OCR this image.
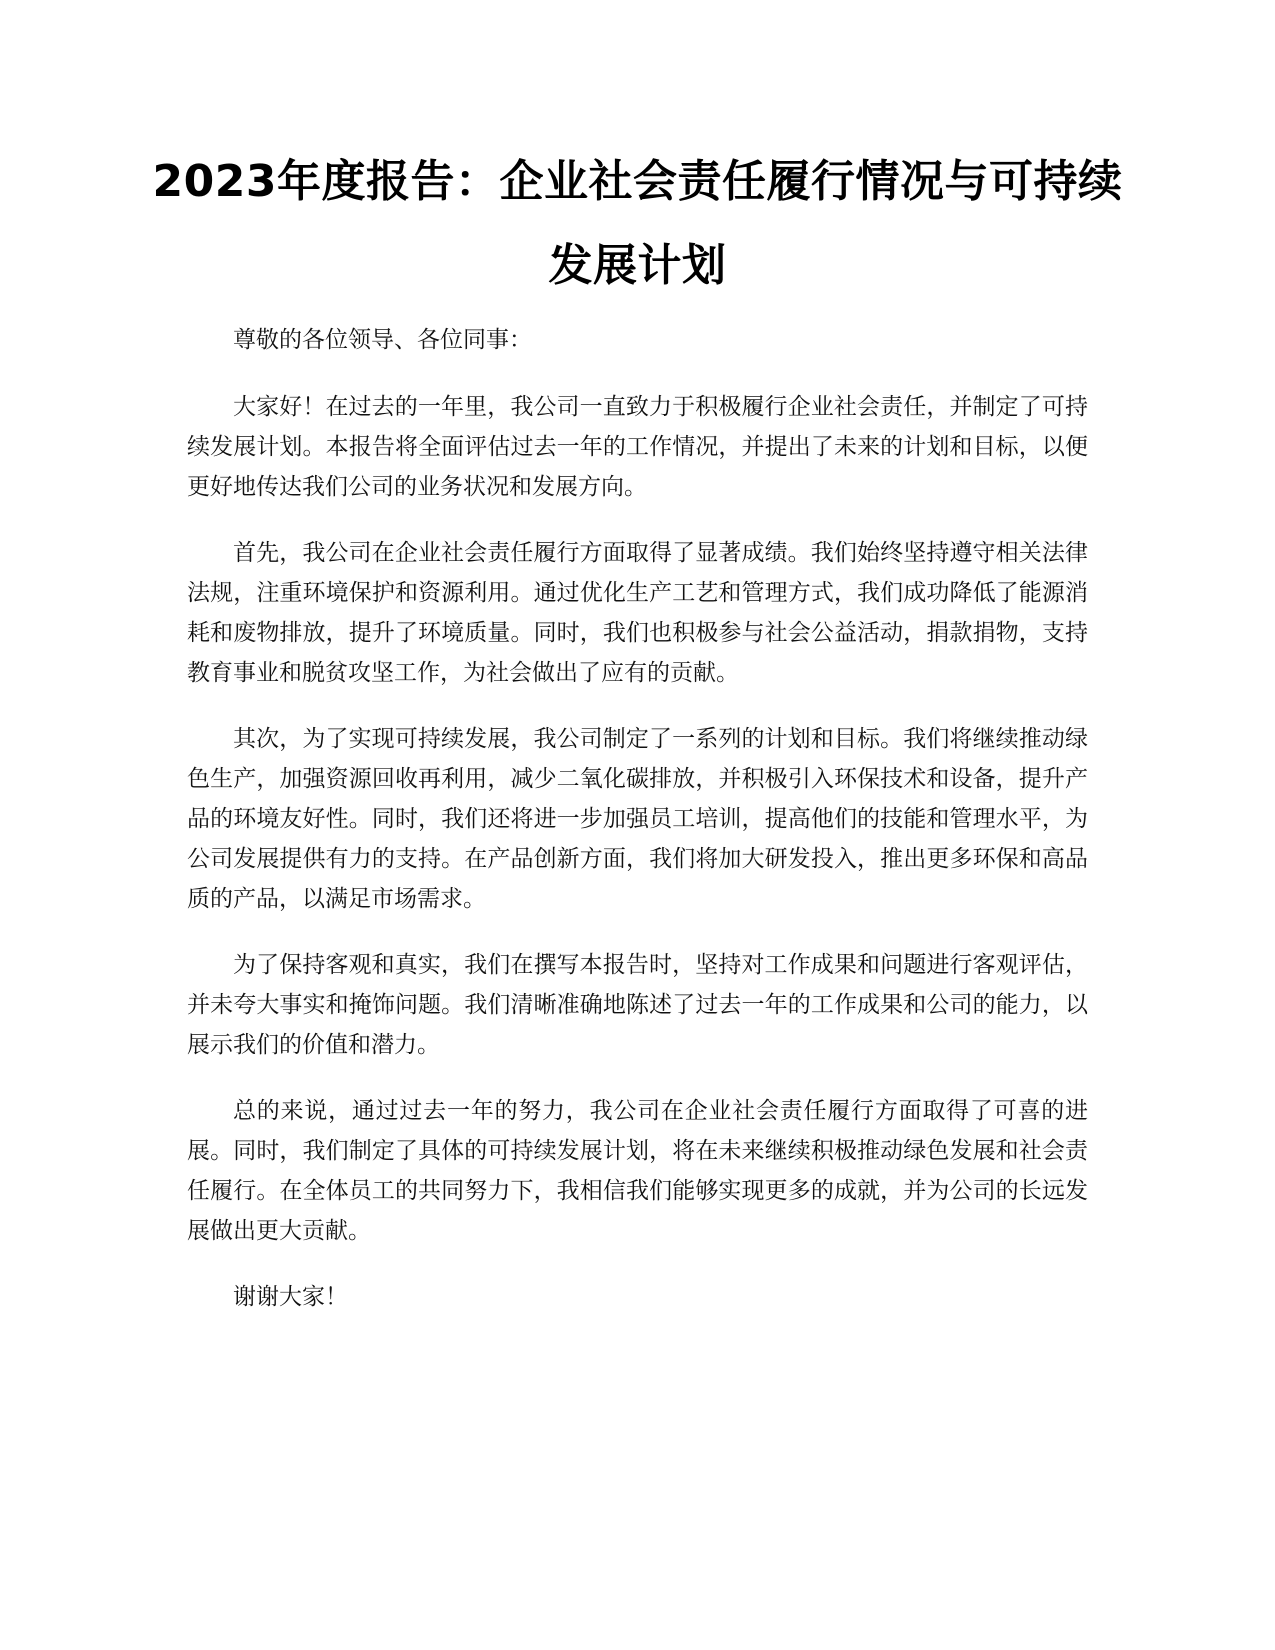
2023年度报告：企业社会责任履行情况与可持续发展计划

尊敬的各位领导、各位同事：

大家好！在过去的一年里，我公司一直致力于积极履行企业社会责任，并制定了可持续发展计划。本报告将全面评估过去一年的工作情况，并提出了未来的计划和目标，以便更好地传达我们公司的业务状况和发展方向。

首先，我公司在企业社会责任履行方面取得了显著成绩。我们始终坚持遵守相关法律法规，注重环境保护和资源利用。通过优化生产工艺和管理方式，我们成功降低了能源消耗和废物排放，提升了环境质量。同时，我们也积极参与社会公益活动，捐款捐物，支持教育事业和脱贫攻坚工作，为社会做出了应有的贡献。

其次，为了实现可持续发展，我公司制定了一系列的计划和目标。我们将继续推动绿色生产，加强资源回收再利用，减少二氧化碳排放，并积极引入环保技术和设备，提升产品的环境友好性。同时，我们还将进一步加强员工培训，提高他们的技能和管理水平，为公司发展提供有力的支持。在产品创新方面，我们将加大研发投入，推出更多环保和高品质的产品，以满足市场需求。

为了保持客观和真实，我们在撰写本报告时，坚持对工作成果和问题进行客观评估，并未夸大事实和掩饰问题。我们清晰准确地陈述了过去一年的工作成果和公司的能力，以展示我们的价值和潜力。

总的来说，通过过去一年的努力，我公司在企业社会责任履行方面取得了可喜的进展。同时，我们制定了具体的可持续发展计划，将在未来继续积极推动绿色发展和社会责任履行。在全体员工的共同努力下，我相信我们能够实现更多的成就，并为公司的长远发展做出更大贡献。

谢谢大家！
